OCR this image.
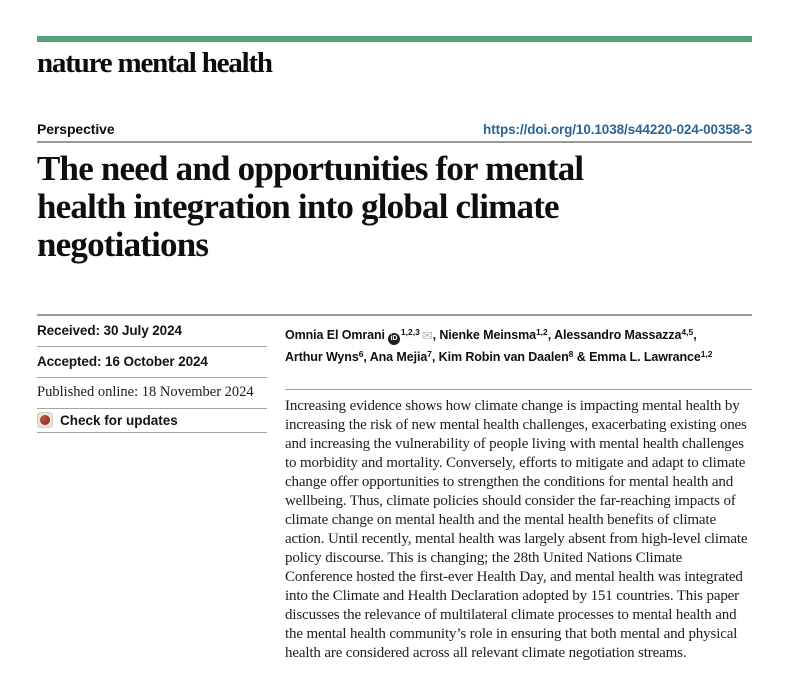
nature mental health
Perspective	https://doi.org/10.1038/s44220-024-00358-3
The need and opportunities for mental
health integration into global climate
negotiations
Received: 30 July 2024
Accepted: 16 October 2024
Published online: 18 November 2024
Check for updates
Omnia El Omrani iD$^{1,2,3}$ ✉, Nienke Meinsma$^{1,2}$, Alessandro Massazza$^{4,5}$,
Arthur Wyns$^6$, Ana Mejia$^7$, Kim Robin van Daalen$^8$ & Emma L. Lawrance$^{1,2}$
Increasing evidence shows how climate change is impacting mental health by increasing the risk of new mental health challenges, exacerbating existing ones and increasing the vulnerability of people living with mental health challenges to morbidity and mortality. Conversely, efforts to mitigate and adapt to climate change offer opportunities to strengthen the conditions for mental health and wellbeing. Thus, climate policies should consider the far-reaching impacts of climate change on mental health and the mental health benefits of climate action. Until recently, mental health was largely absent from high-level climate policy discourse. This is changing; the 28th United Nations Climate Conference hosted the first-ever Health Day, and mental health was integrated into the Climate and Health Declaration adopted by 151 countries. This paper discusses the relevance of multilateral climate processes to mental health and the mental health community’s role in ensuring that both mental and physical health are considered across all relevant climate negotiation streams.
